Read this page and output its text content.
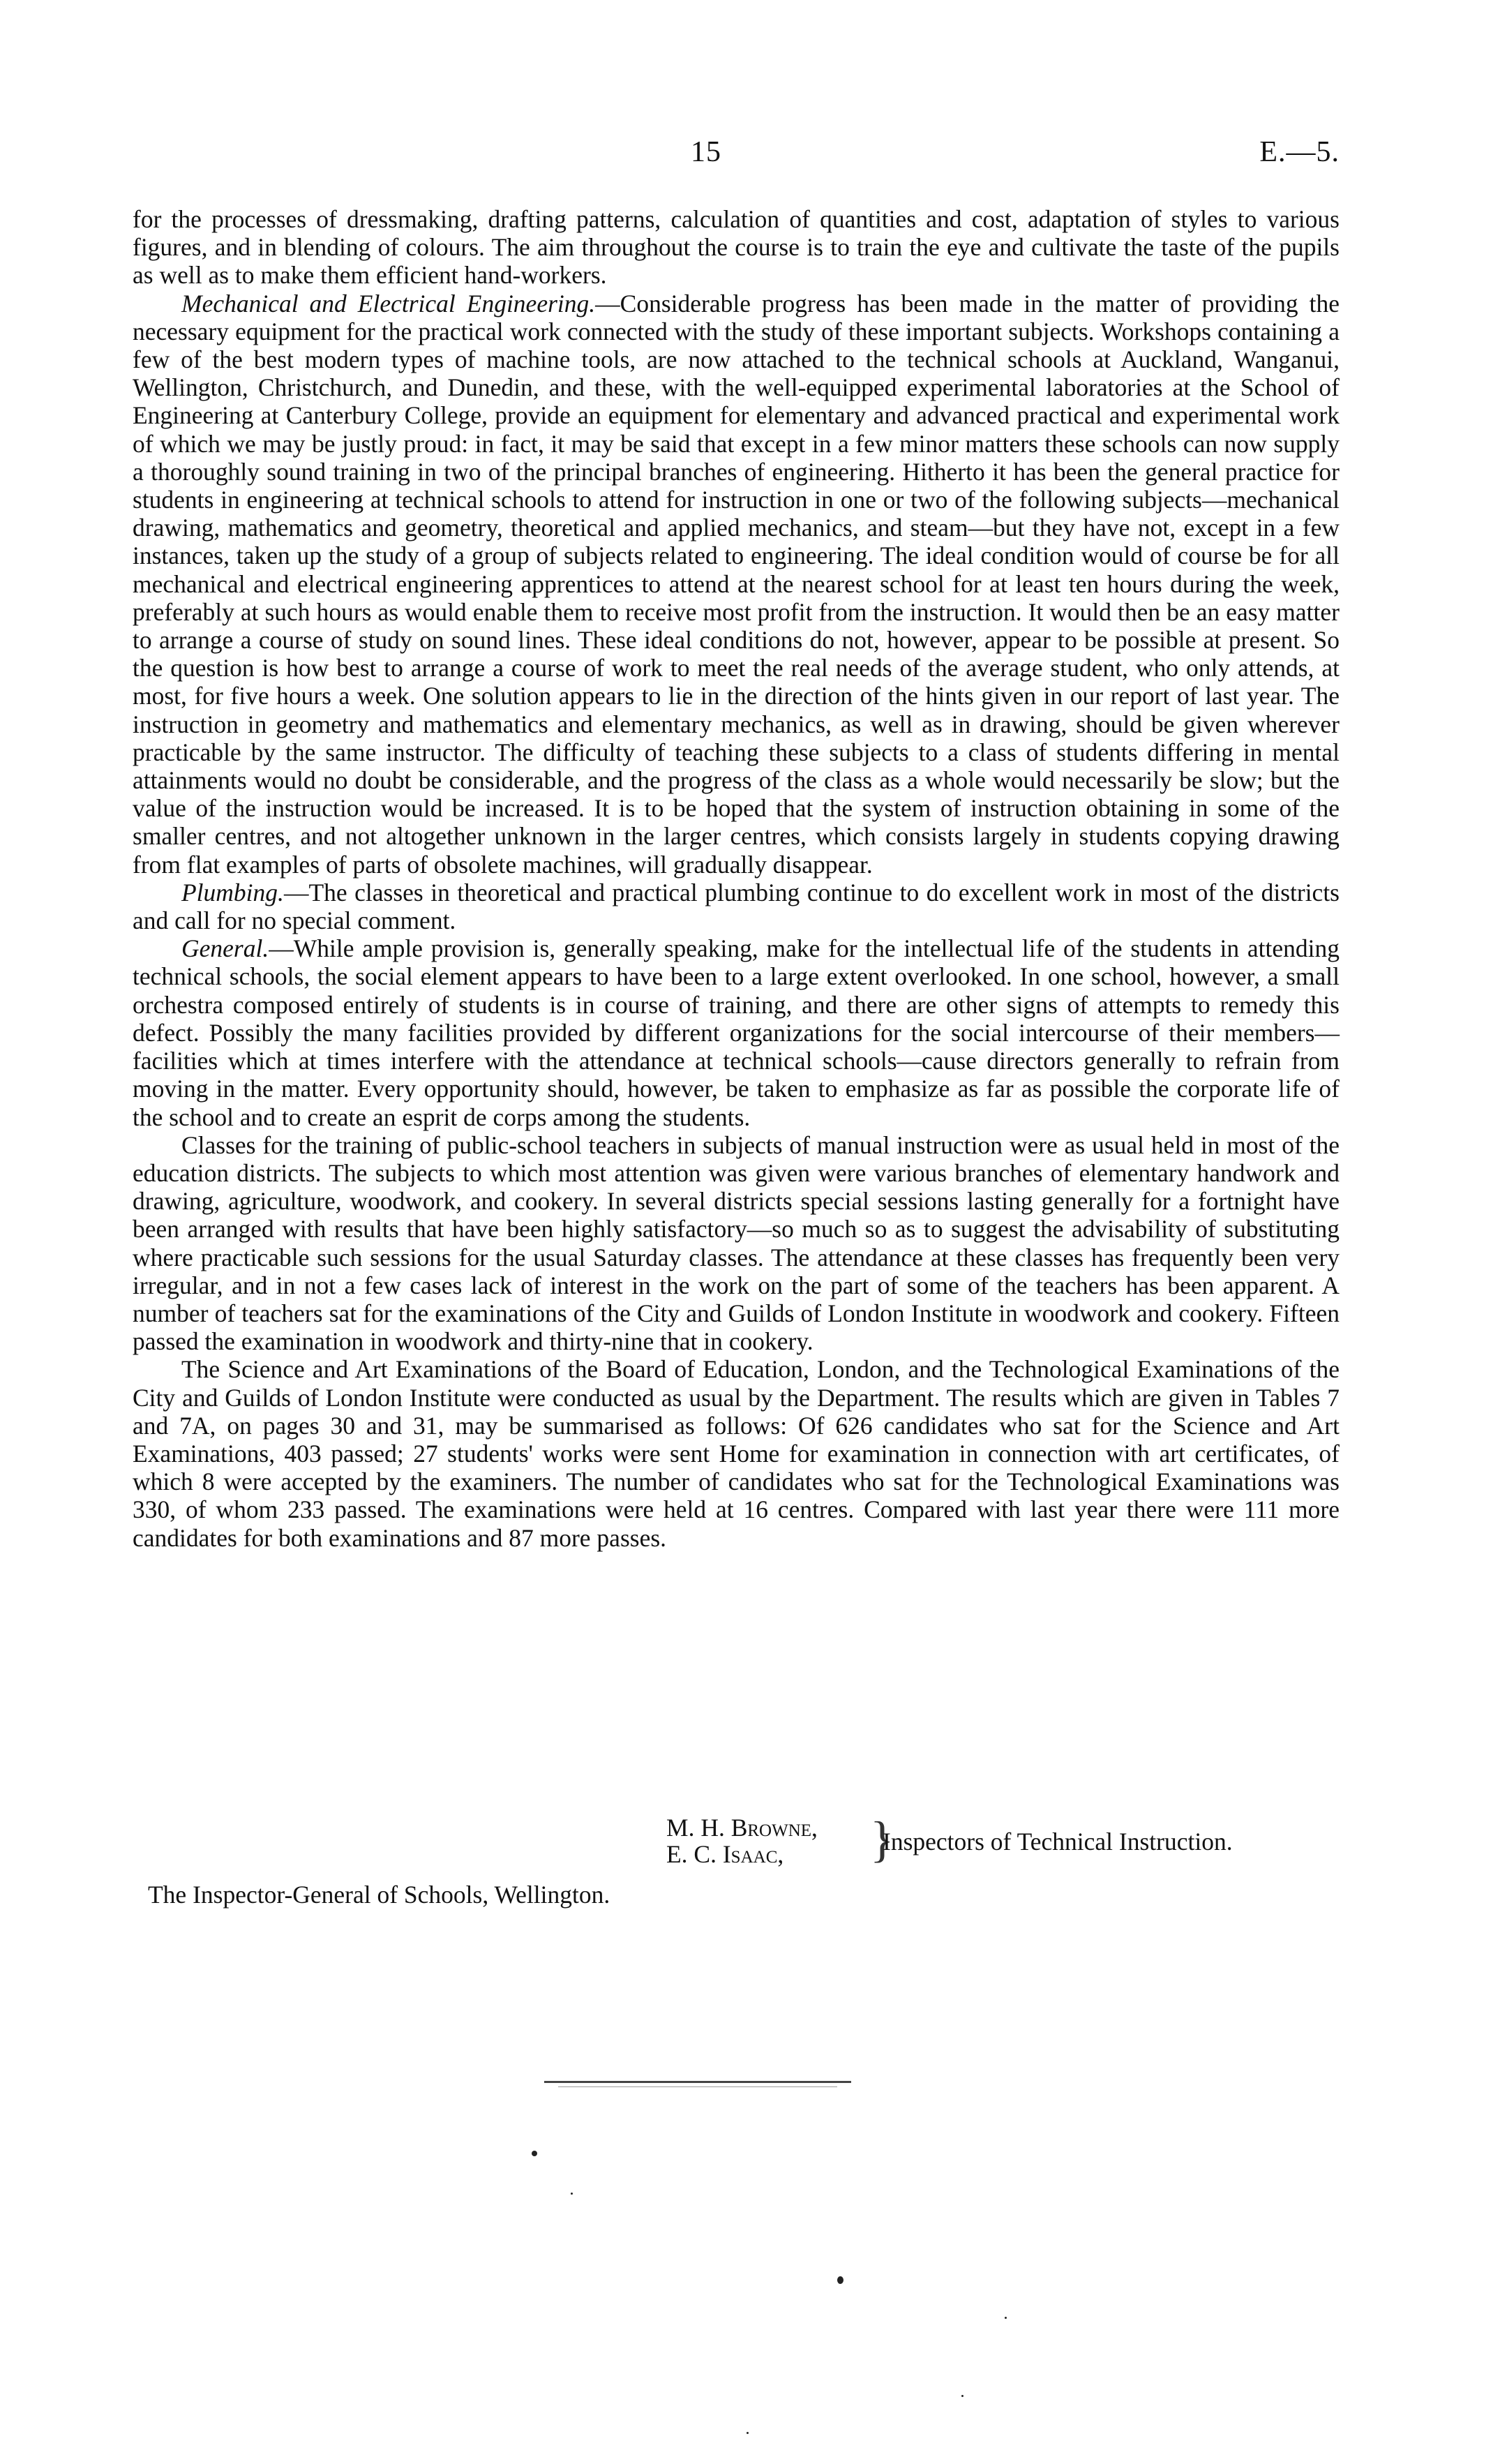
15	E.—5.

for the processes of dressmaking, drafting patterns, calculation of quantities and cost, adaptation of styles to various figures, and in blending of colours. The aim throughout the course is to train the eye and cultivate the taste of the pupils as well as to make them efficient hand-workers.

Mechanical and Electrical Engineering.—Considerable progress has been made in the matter of providing the necessary equipment for the practical work connected with the study of these important subjects. Workshops containing a few of the best modern types of machine tools, are now attached to the technical schools at Auckland, Wanganui, Wellington, Christchurch, and Dunedin, and these, with the well-equipped experimental laboratories at the School of Engineering at Canterbury College, provide an equipment for elementary and advanced practical and experimental work of which we may be justly proud: in fact, it may be said that except in a few minor matters these schools can now supply a thoroughly sound training in two of the principal branches of engineering. Hitherto it has been the general practice for students in engineering at technical schools to attend for instruction in one or two of the following subjects—mechanical drawing, mathematics and geometry, theoretical and applied mechanics, and steam—but they have not, except in a few instances, taken up the study of a group of subjects related to engineering. The ideal condition would of course be for all mechanical and electrical engineering apprentices to attend at the nearest school for at least ten hours during the week, preferably at such hours as would enable them to receive most profit from the instruction. It would then be an easy matter to arrange a course of study on sound lines. These ideal conditions do not, however, appear to be possible at present. So the question is how best to arrange a course of work to meet the real needs of the average student, who only attends, at most, for five hours a week. One solution appears to lie in the direction of the hints given in our report of last year. The instruction in geometry and mathematics and elementary mechanics, as well as in drawing, should be given wherever practicable by the same instructor. The difficulty of teaching these subjects to a class of students differing in mental attainments would no doubt be considerable, and the progress of the class as a whole would necessarily be slow; but the value of the instruction would be increased. It is to be hoped that the system of instruction obtaining in some of the smaller centres, and not altogether unknown in the larger centres, which consists largely in students copying drawing from flat examples of parts of obsolete machines, will gradually disappear.

Plumbing.—The classes in theoretical and practical plumbing continue to do excellent work in most of the districts and call for no special comment.

General.—While ample provision is, generally speaking, make for the intellectual life of the students in attending technical schools, the social element appears to have been to a large extent overlooked. In one school, however, a small orchestra composed entirely of students is in course of training, and there are other signs of attempts to remedy this defect. Possibly the many facilities provided by different organizations for the social intercourse of their members—facilities which at times interfere with the attendance at technical schools—cause directors generally to refrain from moving in the matter. Every opportunity should, however, be taken to emphasize as far as possible the corporate life of the school and to create an esprit de corps among the students.

Classes for the training of public-school teachers in subjects of manual instruction were as usual held in most of the education districts. The subjects to which most attention was given were various branches of elementary handwork and drawing, agriculture, woodwork, and cookery. In several districts special sessions lasting generally for a fortnight have been arranged with results that have been highly satisfactory—so much so as to suggest the advisability of substituting where practicable such sessions for the usual Saturday classes. The attendance at these classes has frequently been very irregular, and in not a few cases lack of interest in the work on the part of some of the teachers has been apparent. A number of teachers sat for the examinations of the City and Guilds of London Institute in woodwork and cookery. Fifteen passed the examination in woodwork and thirty-nine that in cookery.

The Science and Art Examinations of the Board of Education, London, and the Technological Examinations of the City and Guilds of London Institute were conducted as usual by the Department. The results which are given in Tables 7 and 7A, on pages 30 and 31, may be summarised as follows: Of 626 candidates who sat for the Science and Art Examinations, 403 passed; 27 students' works were sent Home for examination in connection with art certificates, of which 8 were accepted by the examiners. The number of candidates who sat for the Technological Examinations was 330, of whom 233 passed. The examinations were held at 16 centres. Compared with last year there were 111 more candidates for both examinations and 87 more passes.

M. H. Browne,
E. C. Isaac,	}
Inspectors of Technical Instruction.
The Inspector-General of Schools, Wellington.
